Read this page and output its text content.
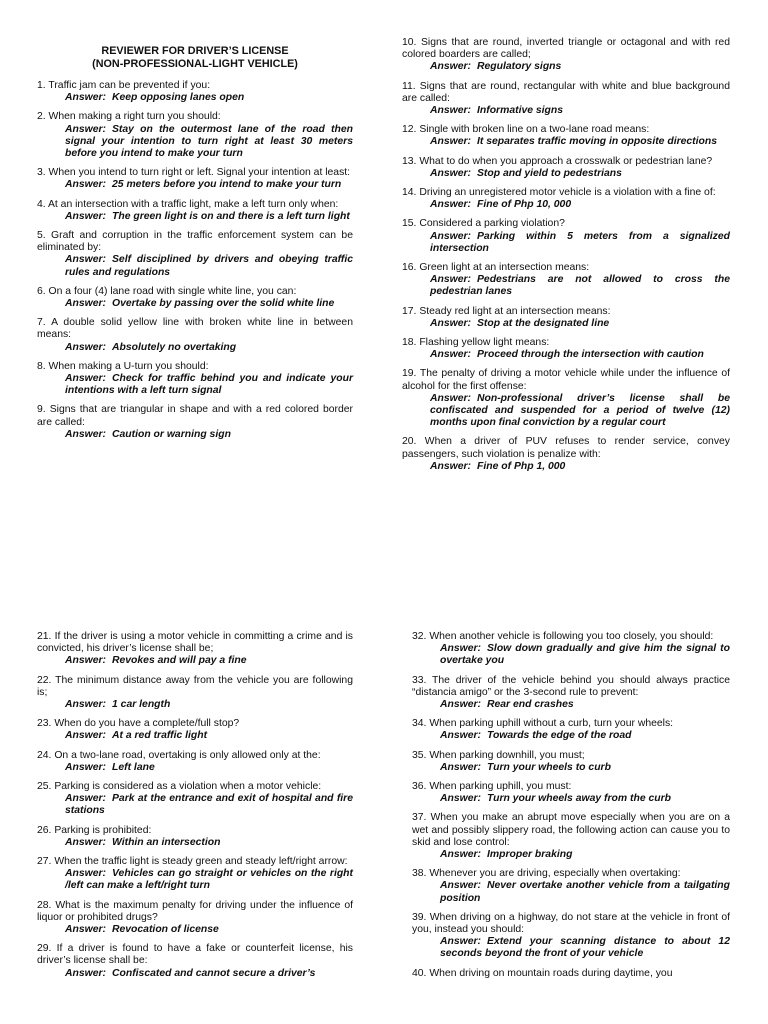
REVIEWER FOR DRIVER’S LICENSE
(NON-PROFESSIONAL-LIGHT VEHICLE)
1. Traffic jam can be prevented if you:
Answer: Keep opposing lanes open
2. When making a right turn you should:
Answer: Stay on the outermost lane of the road then signal your intention to turn right at least 30 meters before you intend to make your turn
3. When you intend to turn right or left. Signal your intention at least:
Answer: 25 meters before you intend to make your turn
4. At an intersection with a traffic light, make a left turn only when:
Answer: The green light is on and there is a left turn light
5. Graft and corruption in the traffic enforcement system can be eliminated by:
Answer: Self disciplined by drivers and obeying traffic rules and regulations
6. On a four (4) lane road with single white line, you can:
Answer: Overtake by passing over the solid white line
7. A double solid yellow line with broken white line in between means:
Answer: Absolutely no overtaking
8. When making a U-turn you should:
Answer: Check for traffic behind you and indicate your intentions with a left turn signal
9. Signs that are triangular in shape and with a red colored border are called:
Answer: Caution or warning sign
10. Signs that are round, inverted triangle or octagonal and with red colored boarders are called;
Answer: Regulatory signs
11. Signs that are round, rectangular with white and blue background are called:
Answer: Informative signs
12. Single with broken line on a two-lane road means:
Answer: It separates traffic moving in opposite directions
13. What to do when you approach a crosswalk or pedestrian lane?
Answer: Stop and yield to pedestrians
14. Driving an unregistered motor vehicle is a violation with a fine of:
Answer: Fine of Php 10, 000
15. Considered a parking violation?
Answer: Parking within 5 meters from a signalized intersection
16. Green light at an intersection means:
Answer: Pedestrians are not allowed to cross the pedestrian lanes
17. Steady red light at an intersection means:
Answer: Stop at the designated line
18. Flashing yellow light means:
Answer: Proceed through the intersection with caution
19. The penalty of driving a motor vehicle while under the influence of alcohol for the first offense:
Answer: Non-professional driver’s license shall be confiscated and suspended for a period of twelve (12) months upon final conviction by a regular court
20. When a driver of PUV refuses to render service, convey passengers, such violation is penalize with:
Answer: Fine of Php 1, 000
21. If the driver is using a motor vehicle in committing a crime and is convicted, his driver’s license shall be;
Answer: Revokes and will pay a fine
22. The minimum distance away from the vehicle you are following is;
Answer: 1 car length
23. When do you have a complete/full stop?
Answer: At a red traffic light
24. On a two-lane road, overtaking is only allowed only at the:
Answer: Left lane
25. Parking is considered as a violation when a motor vehicle:
Answer: Park at the entrance and exit of hospital and fire stations
26. Parking is prohibited:
Answer: Within an intersection
27. When the traffic light is steady green and steady left/right arrow:
Answer: Vehicles can go straight or vehicles on the right /left can make a left/right turn
28. What is the maximum penalty for driving under the influence of liquor or prohibited drugs?
Answer: Revocation of license
29. If a driver is found to have a fake or counterfeit license, his driver’s license shall be:
Answer: Confiscated and cannot secure a driver’s
32. When another vehicle is following you too closely, you should:
Answer: Slow down gradually and give him the signal to overtake you
33. The driver of the vehicle behind you should always practice “distancia amigo” or the 3-second rule to prevent:
Answer: Rear end crashes
34. When parking uphill without a curb, turn your wheels:
Answer: Towards the edge of the road
35. When parking downhill, you must;
Answer: Turn your wheels to curb
36. When parking uphill, you must:
Answer: Turn your wheels away from the curb
37. When you make an abrupt move especially when you are on a wet and possibly slippery road, the following action can cause you to skid and lose control:
Answer: Improper braking
38. Whenever you are driving, especially when overtaking:
Answer: Never overtake another vehicle from a tailgating position
39. When driving on a highway, do not stare at the vehicle in front of you, instead you should:
Answer: Extend your scanning distance to about 12 seconds beyond the front of your vehicle
40. When driving on mountain roads during daytime, you
